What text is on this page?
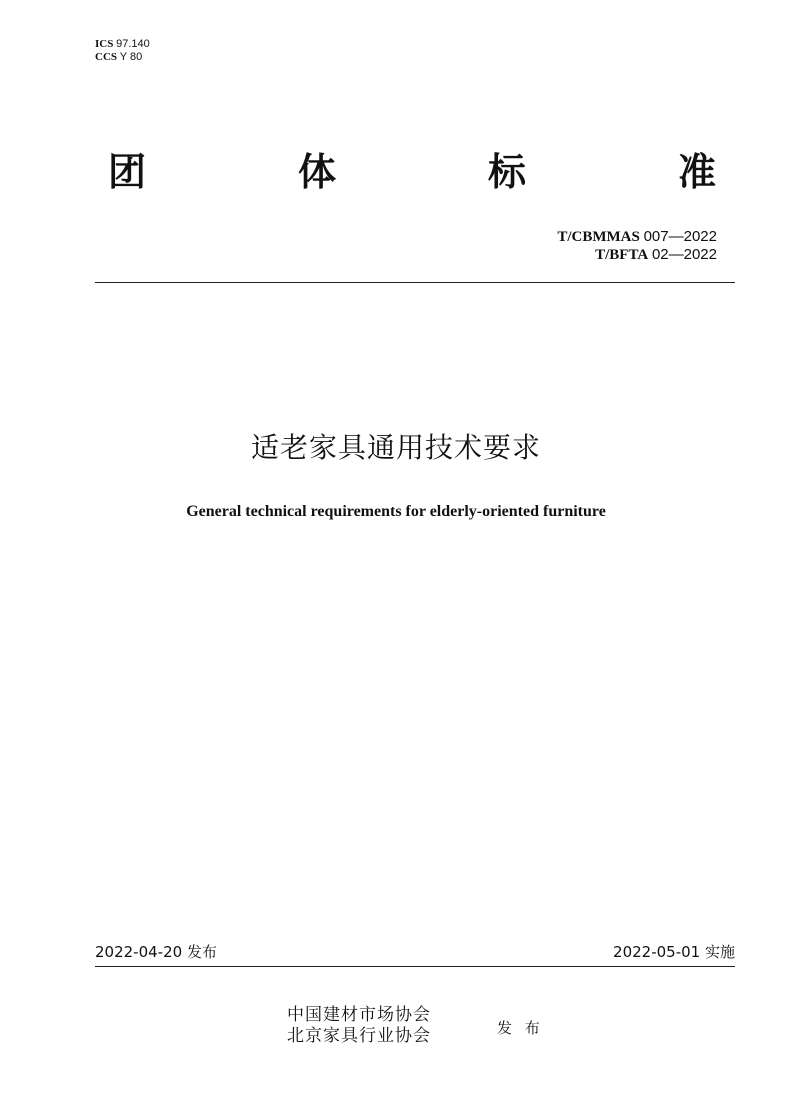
ICS 97.140
CCS Y 80
团	体	标	准
T/CBMMAS 007—2022
T/BFTA 02—2022
适老家具通用技术要求
General technical requirements for elderly-oriented furniture
2022-04-20 发布	2022-05-01 实施
中国建材市场协会
北京家具行业协会	发 布
